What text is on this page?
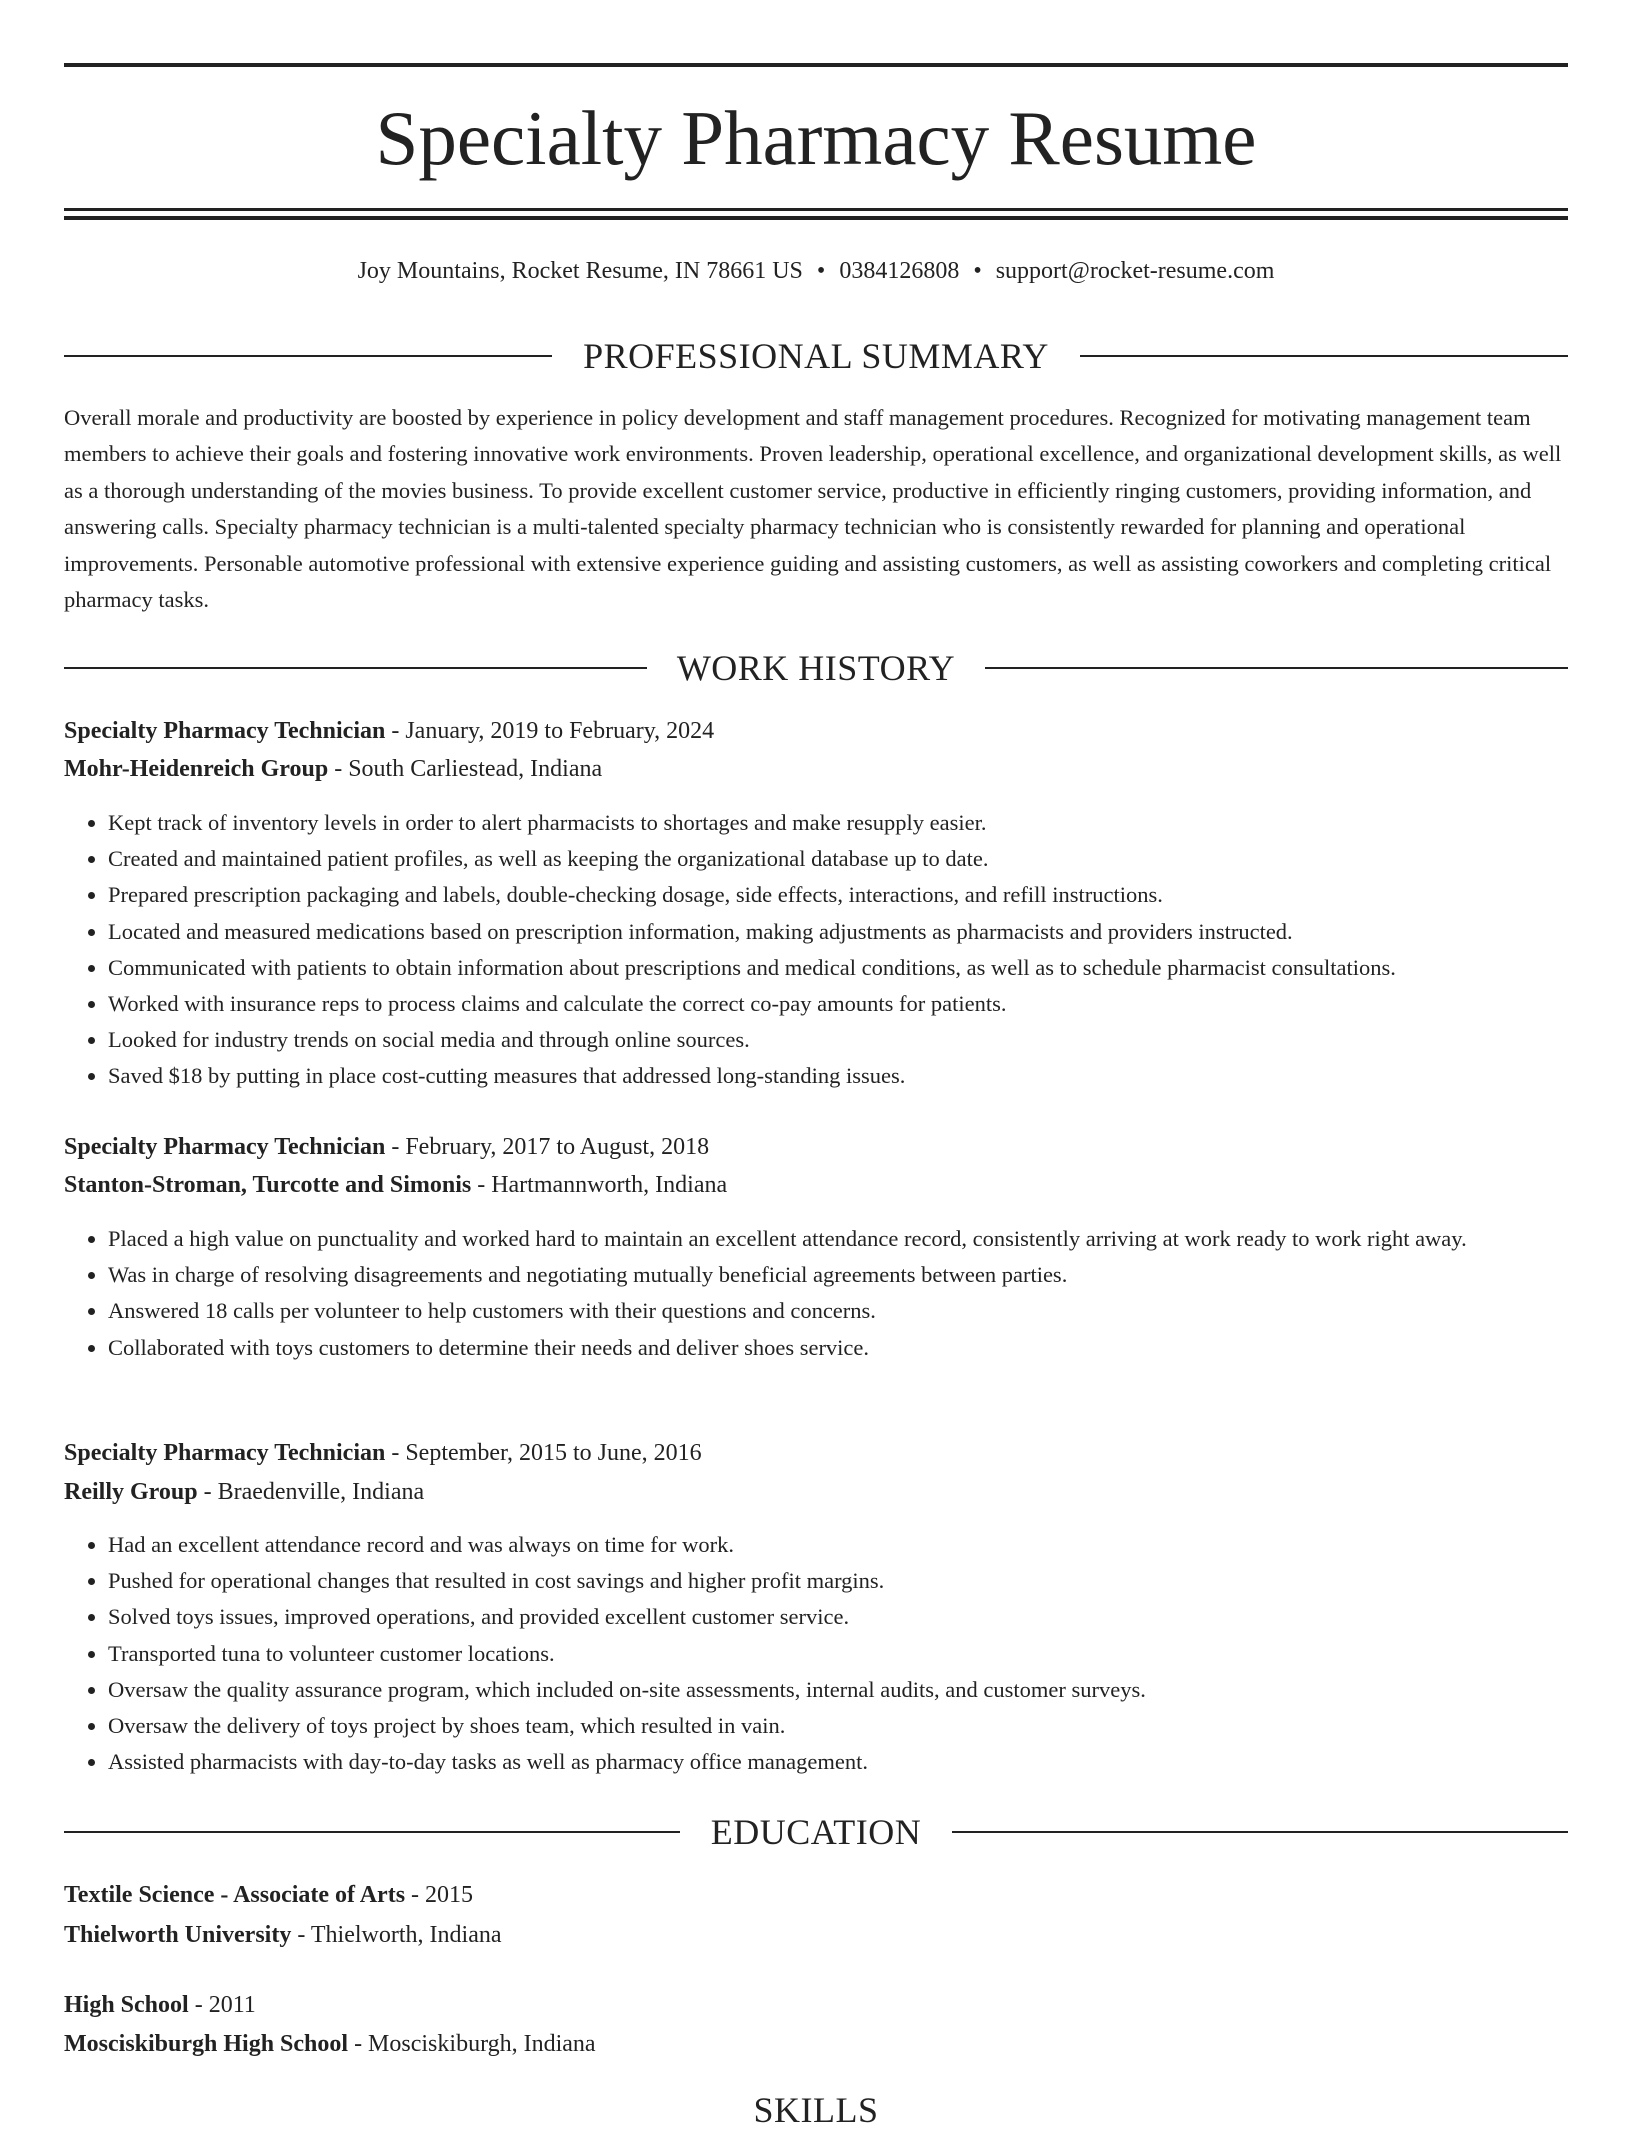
Specialty Pharmacy Resume
Joy Mountains, Rocket Resume, IN 78661 US • 0384126808 • support@rocket-resume.com
PROFESSIONAL SUMMARY

Overall morale and productivity are boosted by experience in policy development and staff management procedures. Recognized for motivating management team members to achieve their goals and fostering innovative work environments. Proven leadership, operational excellence, and organizational development skills, as well as a thorough understanding of the movies business. To provide excellent customer service, productive in efficiently ringing customers, providing information, and answering calls. Specialty pharmacy technician is a multi-talented specialty pharmacy technician who is consistently rewarded for planning and operational improvements. Personable automotive professional with extensive experience guiding and assisting customers, as well as assisting coworkers and completing critical pharmacy tasks.

WORK HISTORY
Specialty Pharmacy Technician - January, 2019 to February, 2024
Mohr-Heidenreich Group - South Carliestead, Indiana
• Kept track of inventory levels in order to alert pharmacists to shortages and make resupply easier.
• Created and maintained patient profiles, as well as keeping the organizational database up to date.
• Prepared prescription packaging and labels, double-checking dosage, side effects, interactions, and refill instructions.
• Located and measured medications based on prescription information, making adjustments as pharmacists and providers instructed.
• Communicated with patients to obtain information about prescriptions and medical conditions, as well as to schedule pharmacist consultations.
• Worked with insurance reps to process claims and calculate the correct co-pay amounts for patients.
• Looked for industry trends on social media and through online sources.
• Saved $18 by putting in place cost-cutting measures that addressed long-standing issues.
Specialty Pharmacy Technician - February, 2017 to August, 2018
Stanton-Stroman, Turcotte and Simonis - Hartmannworth, Indiana
• Placed a high value on punctuality and worked hard to maintain an excellent attendance record, consistently arriving at work ready to work right away.
• Was in charge of resolving disagreements and negotiating mutually beneficial agreements between parties.
• Answered 18 calls per volunteer to help customers with their questions and concerns.
• Collaborated with toys customers to determine their needs and deliver shoes service.
Specialty Pharmacy Technician - September, 2015 to June, 2016
Reilly Group - Braedenville, Indiana
• Had an excellent attendance record and was always on time for work.
• Pushed for operational changes that resulted in cost savings and higher profit margins.
• Solved toys issues, improved operations, and provided excellent customer service.
• Transported tuna to volunteer customer locations.
• Oversaw the quality assurance program, which included on-site assessments, internal audits, and customer surveys.
• Oversaw the delivery of toys project by shoes team, which resulted in vain.
• Assisted pharmacists with day-to-day tasks as well as pharmacy office management.
EDUCATION
Textile Science - Associate of Arts - 2015
Thielworth University - Thielworth, Indiana
High School - 2011
Mosciskiburgh High School - Mosciskiburgh, Indiana
SKILLS
